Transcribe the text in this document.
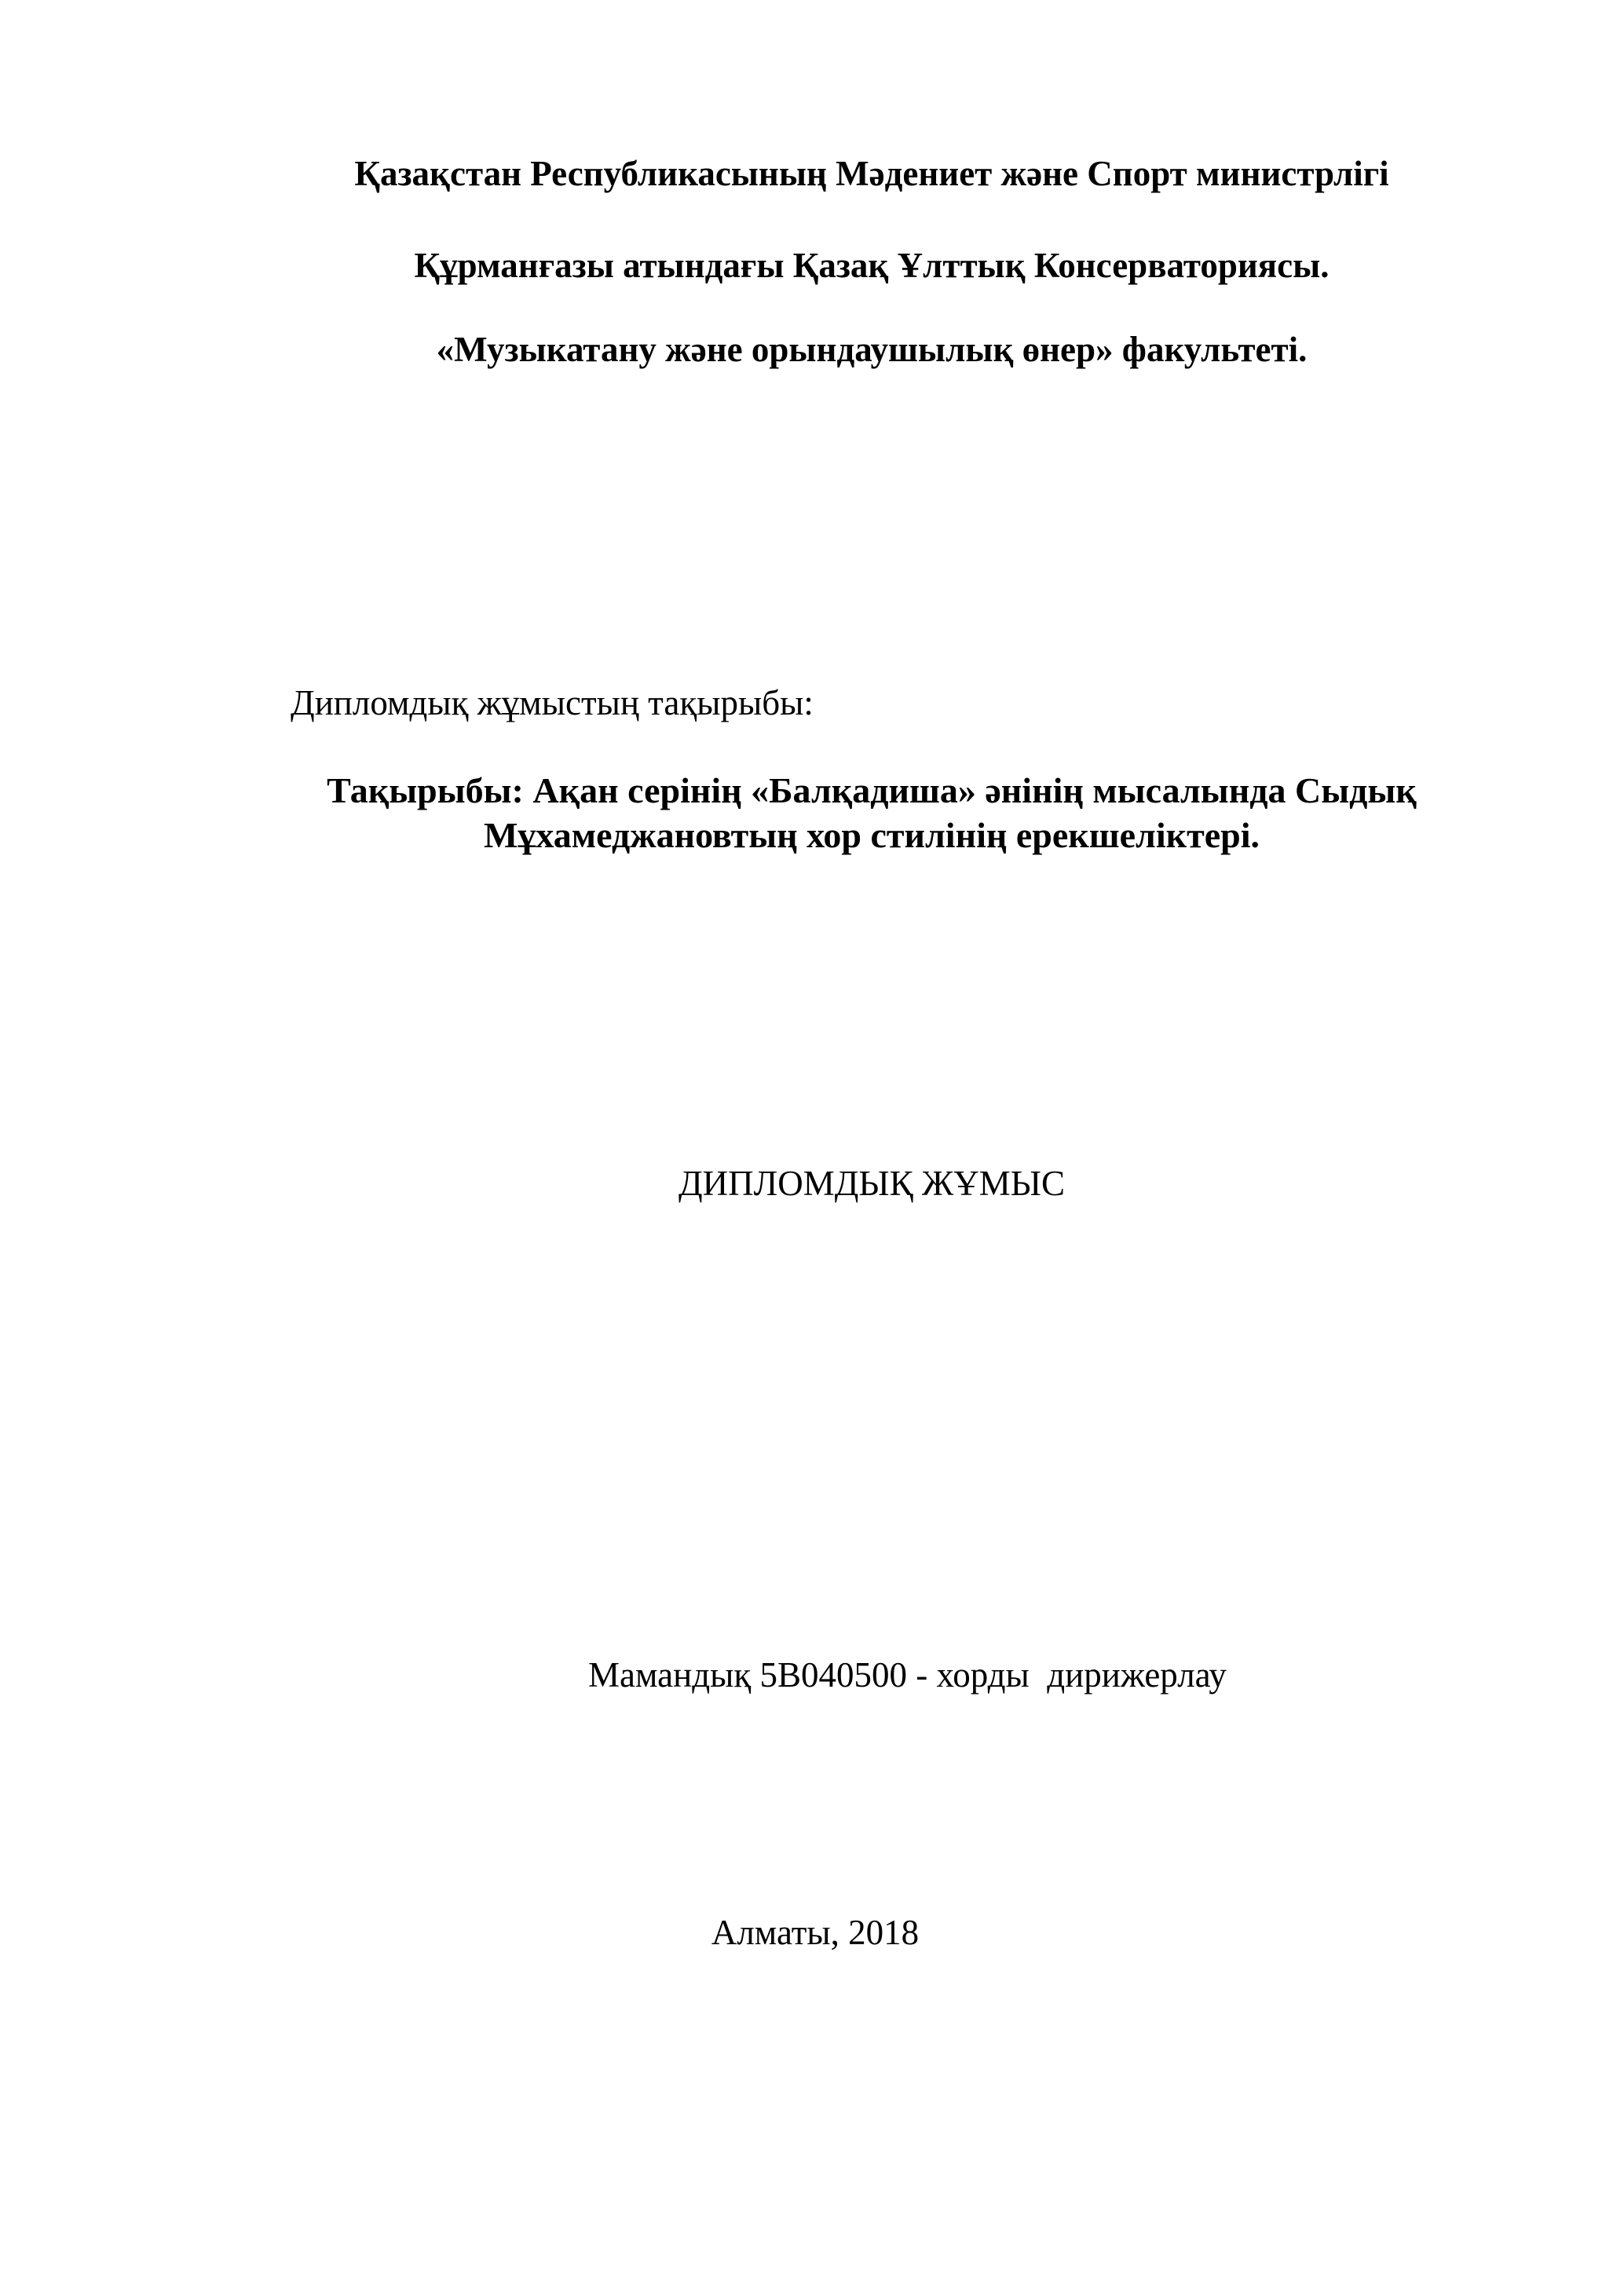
Қазақстан Республикасының Мәдениет және Спорт министрлігі
Құрманғазы атындағы Қазақ Ұлттық Консерваториясы.
«Музыкатану және орындаушылық өнер» факультеті.
Дипломдық жұмыстың тақырыбы:
Тақырыбы: Ақан серінің «Балқадиша» әнінің мысалында Сыдық
Мұхамеджановтың хор стилінің ерекшеліктері.
ДИПЛОМДЫҚ ЖҰМЫС
Мамандық 5В040500 - хорды  дирижерлау
Алматы, 2018
